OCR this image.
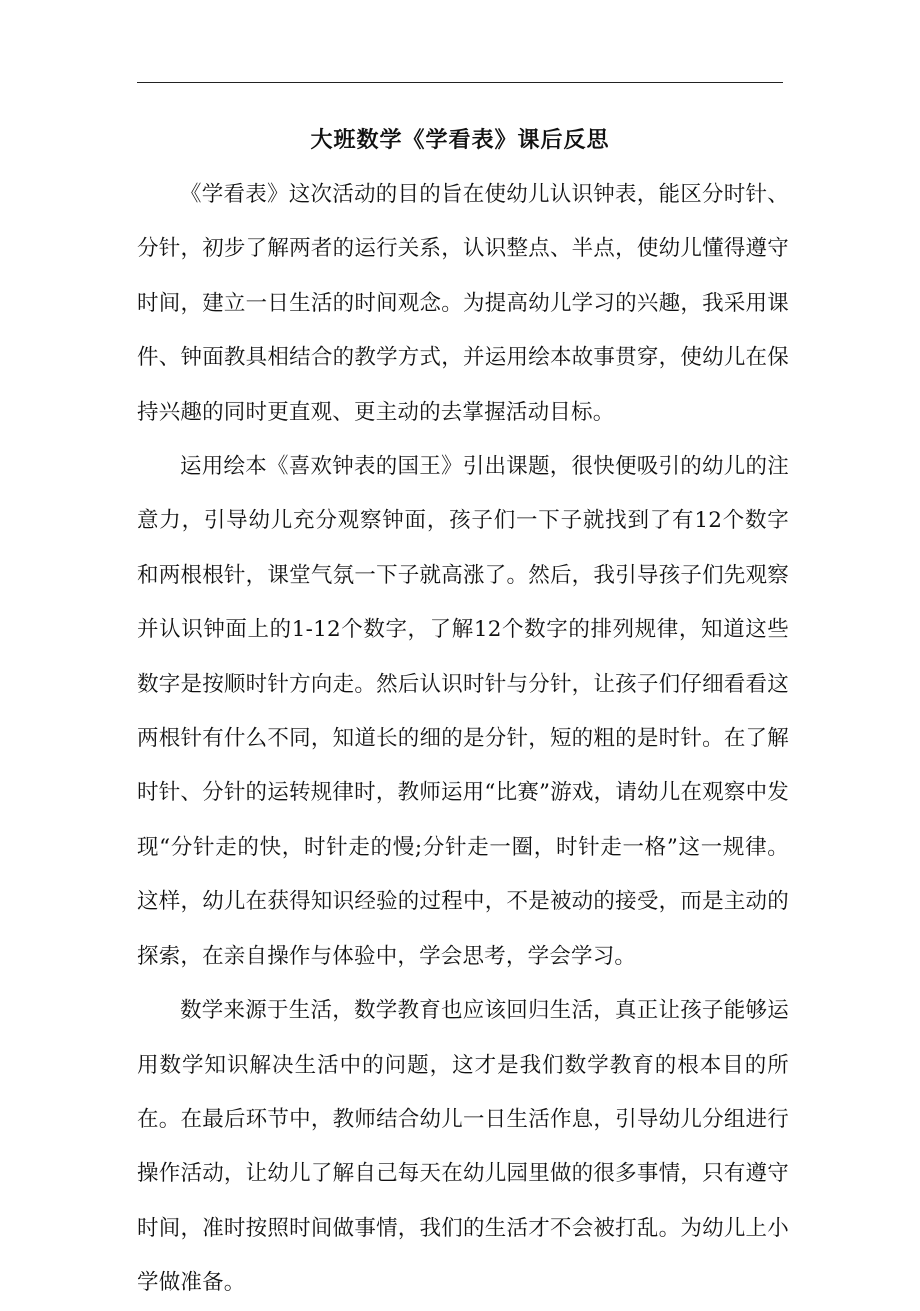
大班数学《学看表》课后反思

《学看表》这次活动的目的旨在使幼儿认识钟表，能区分时针、分针，初步了解两者的运行关系，认识整点、半点，使幼儿懂得遵守时间，建立一日生活的时间观念。为提高幼儿学习的兴趣，我采用课件、钟面教具相结合的教学方式，并运用绘本故事贯穿，使幼儿在保持兴趣的同时更直观、更主动的去掌握活动目标。

运用绘本《喜欢钟表的国王》引出课题，很快便吸引的幼儿的注意力，引导幼儿充分观察钟面，孩子们一下子就找到了有12个数字和两根根针，课堂气氛一下子就高涨了。然后，我引导孩子们先观察并认识钟面上的1-12个数字，了解12个数字的排列规律，知道这些数字是按顺时针方向走。然后认识时针与分针，让孩子们仔细看看这两根针有什么不同，知道长的细的是分针，短的粗的是时针。在了解时针、分针的运转规律时，教师运用“比赛”游戏，请幼儿在观察中发现“分针走的快，时针走的慢;分针走一圈，时针走一格”这一规律。这样，幼儿在获得知识经验的过程中，不是被动的接受，而是主动的探索，在亲自操作与体验中，学会思考，学会学习。

数学来源于生活，数学教育也应该回归生活，真正让孩子能够运用数学知识解决生活中的问题，这才是我们数学教育的根本目的所在。在最后环节中，教师结合幼儿一日生活作息，引导幼儿分组进行操作活动，让幼儿了解自己每天在幼儿园里做的很多事情，只有遵守时间，准时按照时间做事情，我们的生活才不会被打乱。为幼儿上小学做准备。
